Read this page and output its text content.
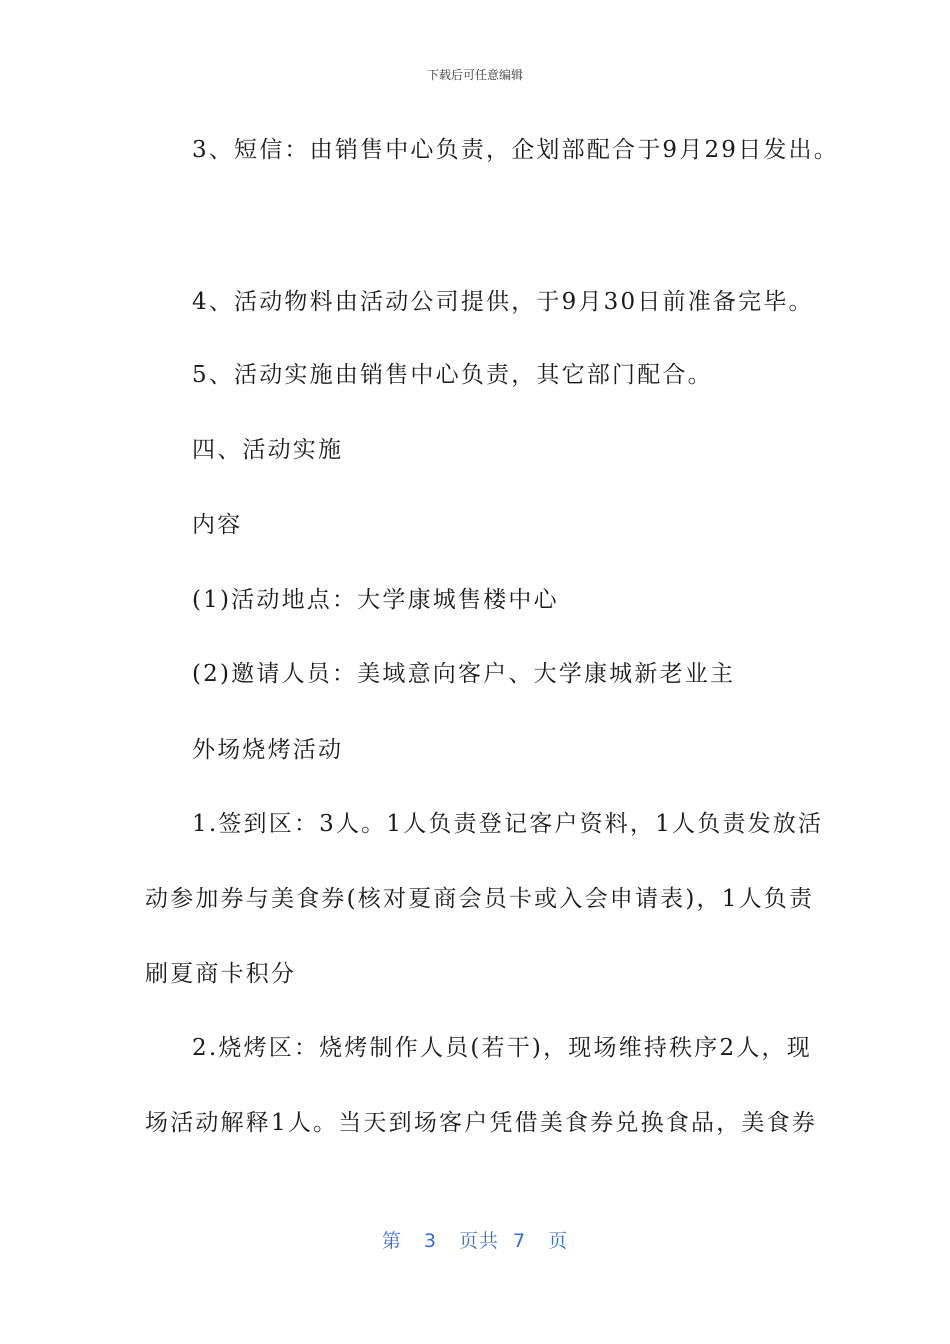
下载后可任意编辑
3、短信：由销售中心负责，企划部配合于9月29日发出。
4、活动物料由活动公司提供，于9月30日前准备完毕。
5、活动实施由销售中心负责，其它部门配合。
四、活动实施
内容
(1)活动地点：大学康城售楼中心
(2)邀请人员：美域意向客户、大学康城新老业主
外场烧烤活动
1.签到区：3人。1人负责登记客户资料，1人负责发放活
动参加券与美食券(核对夏商会员卡或入会申请表)，1人负责
刷夏商卡积分
2.烧烤区：烧烤制作人员(若干)，现场维持秩序2人，现
场活动解释1人。当天到场客户凭借美食券兑换食品，美食券
第 3 页共 7 页
